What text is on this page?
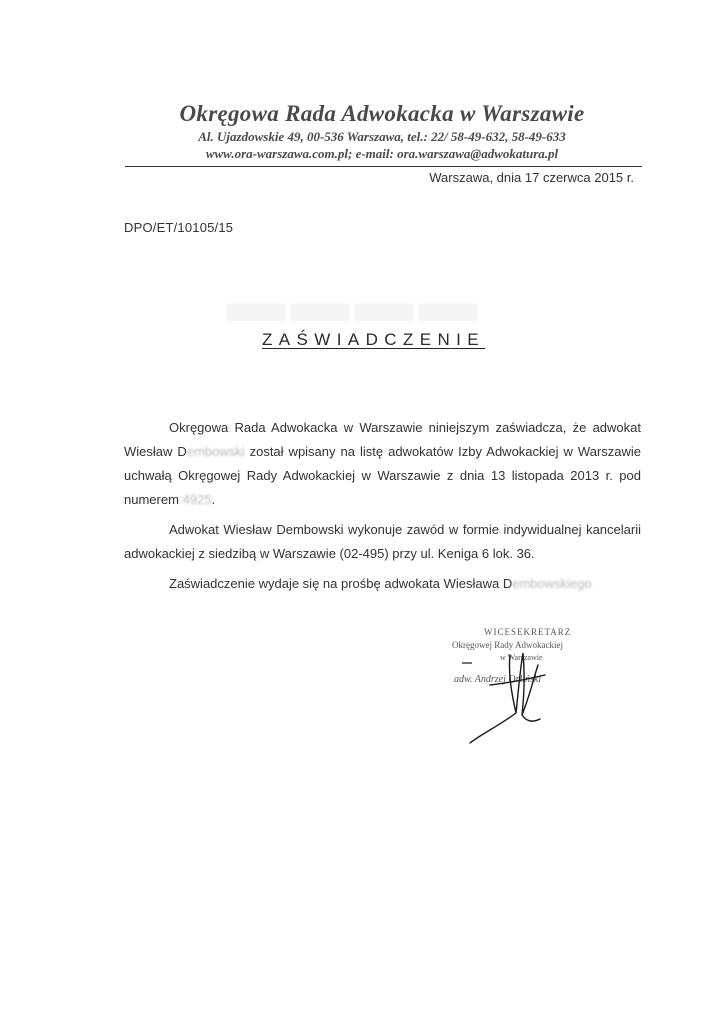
Okręgowa Rada Adwokacka w Warszawie
Al. Ujazdowskie 49, 00-536 Warszawa, tel.: 22/ 58-49-632, 58-49-633
www.ora-warszawa.com.pl; e-mail: ora.warszawa@adwokatura.pl
Warszawa, dnia 17 czerwca 2015 r.
DPO/ET/10105/15
ZAŚWIADCZENIE

Okręgowa Rada Adwokacka w Warszawie niniejszym zaświadcza, że adwokat Wiesław Dembowski został wpisany na listę adwokatów Izby Adwokackiej w Warszawie uchwałą Okręgowej Rady Adwokackiej w Warszawie z dnia 13 listopada 2013 r. pod numerem 4925.

Adwokat Wiesław Dembowski wykonuje zawód w formie indywidualnej kancelarii adwokackiej z siedzibą w Warszawie (02-495) przy ul. Keniga 6 lok. 36.

Zaświadczenie wydaje się na prośbę adwokata Wiesława Dembowskiego

WICESEKRETARZ
Okręgowej Rady Adwokackiej
w Warszawie
adw. Andrzej Orliński
